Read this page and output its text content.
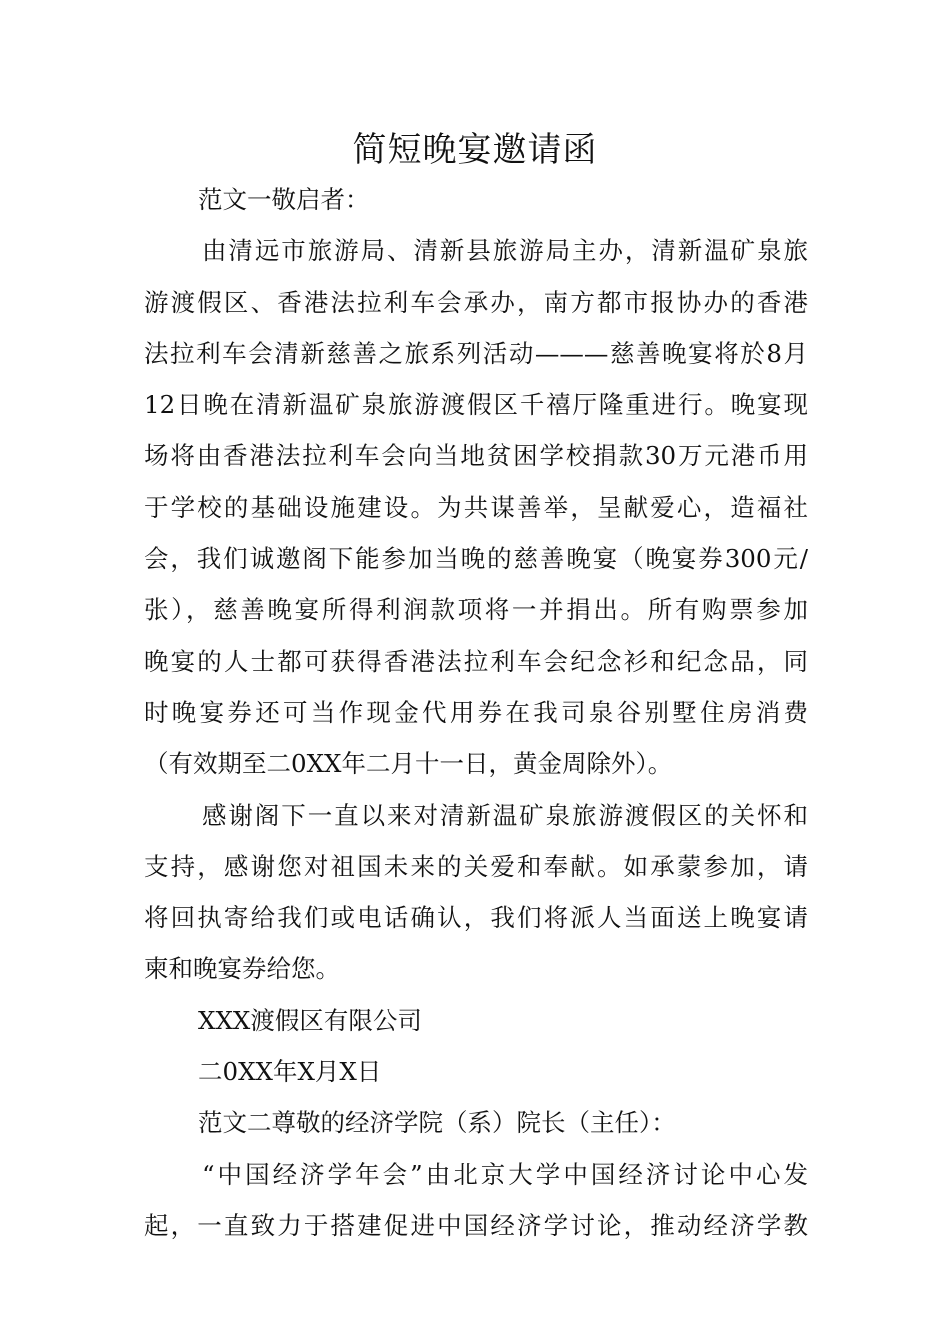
简短晚宴邀请函
范文一敬启者：
由清远市旅游局、清新县旅游局主办，清新温矿泉旅
游渡假区、香港法拉利车会承办，南方都市报协办的香港
法拉利车会清新慈善之旅系列活动———慈善晚宴将於8月
12日晚在清新温矿泉旅游渡假区千禧厅隆重进行。晚宴现
场将由香港法拉利车会向当地贫困学校捐款30万元港币用
于学校的基础设施建设。为共谋善举，呈献爱心，造福社
会，我们诚邀阁下能参加当晚的慈善晚宴（晚宴券300元/
张），慈善晚宴所得利润款项将一并捐出。所有购票参加
晚宴的人士都可获得香港法拉利车会纪念衫和纪念品，同
时晚宴券还可当作现金代用券在我司泉谷别墅住房消费
（有效期至二0XX年二月十一日，黄金周除外）。
感谢阁下一直以来对清新温矿泉旅游渡假区的关怀和
支持，感谢您对祖国未来的关爱和奉献。如承蒙参加，请
将回执寄给我们或电话确认，我们将派人当面送上晚宴请
柬和晚宴券给您。
XXX渡假区有限公司
二0XX年X月X日
范文二尊敬的经济学院（系）院长（主任）：
“中国经济学年会”由北京大学中国经济讨论中心发
起，一直致力于搭建促进中国经济学讨论，推动经济学教
